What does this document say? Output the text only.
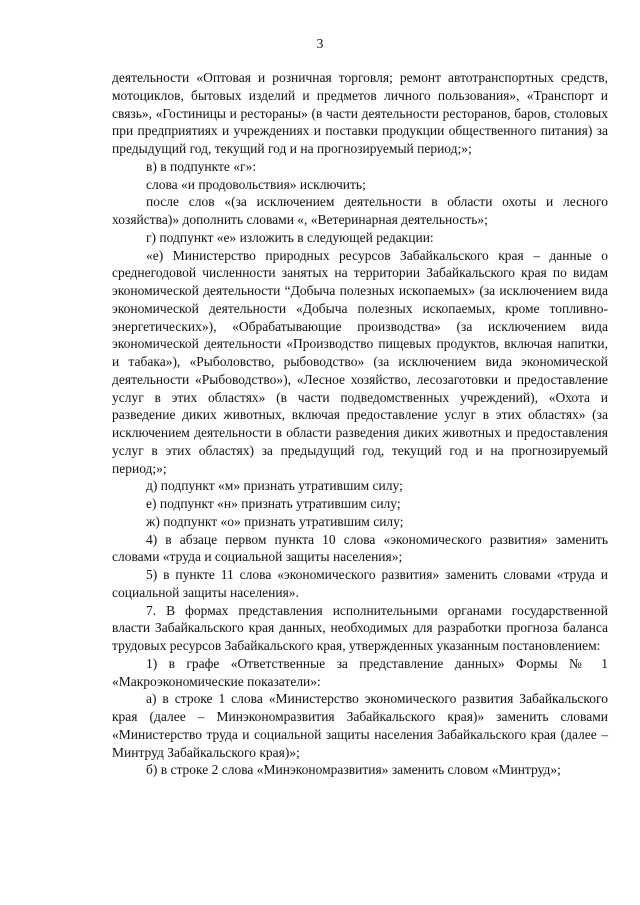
3

деятельности «Оптовая и розничная торговля; ремонт автотранспортных средств, мотоциклов, бытовых изделий и предметов личного пользования», «Транспорт и связь», «Гостиницы и рестораны» (в части деятельности ресторанов, баров, столовых при предприятиях и учреждениях и поставки продукции общественного питания) за предыдущий год, текущий год и на прогнозируемый период;»;

в) в подпункте «г»:

слова «и продовольствия» исключить;

после слов «(за исключением деятельности в области охоты и лесного хозяйства)» дополнить словами «, «Ветеринарная деятельность»;

г) подпункт «е» изложить в следующей редакции:

«е) Министерство природных ресурсов Забайкальского края – данные о среднегодовой численности занятых на территории Забайкальского края по видам экономической деятельности “Добыча полезных ископаемых» (за исключением вида экономической деятельности «Добыча полезных ископаемых, кроме топливно-энергетических»), «Обрабатывающие производства» (за исключением вида экономической деятельности «Производство пищевых продуктов, включая напитки, и табака»), «Рыболовство, рыбоводство» (за исключением вида экономической деятельности «Рыбоводство»), «Лесное хозяйство, лесозаготовки и предоставление услуг в этих областях» (в части подведомственных учреждений), «Охота и разведение диких животных, включая предоставление услуг в этих областях» (за исключением деятельности в области разведения диких животных и предоставления услуг в этих областях) за предыдущий год, текущий год и на прогнозируемый период;»;

д) подпункт «м» признать утратившим силу;

е) подпункт «н» признать утратившим силу;

ж) подпункт «о» признать утратившим силу;

4) в абзаце первом пункта 10 слова «экономического развития» заменить словами «труда и социальной защиты населения»;

5) в пункте 11 слова «экономического развития» заменить словами «труда и социальной защиты населения».

7. В формах представления исполнительными органами государственной власти Забайкальского края данных, необходимых для разработки прогноза баланса трудовых ресурсов Забайкальского края, утвержденных указанным постановлением:

1) в графе «Ответственные за представление данных» Формы № 1 «Макроэкономические показатели»:

а) в строке 1 слова «Министерство экономического развития Забайкальского края (далее – Минэкономразвития Забайкальского края)» заменить словами «Министерство труда и социальной защиты населения Забайкальского края (далее – Минтруд Забайкальского края)»;

б) в строке 2 слова «Минэкономразвития» заменить словом «Минтруд»;
